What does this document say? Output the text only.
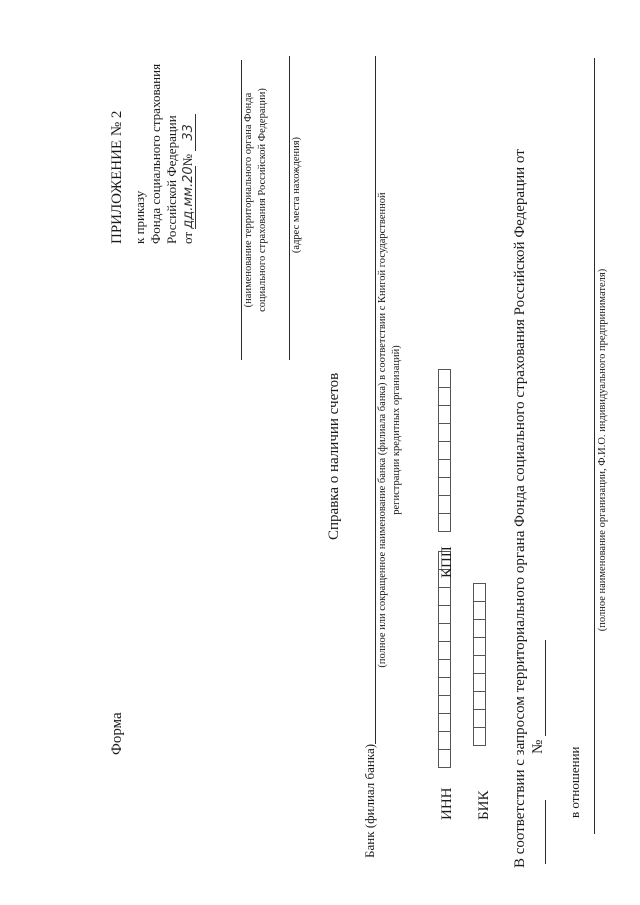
Форма
ПРИЛОЖЕНИЕ № 2 к приказу Фонда социального страхования Российской Федерации от дд.мм.20№ 33	(наименование территориального органа Фонда социального страхования Российской Федерации) (адрес места нахождения)
Справка о наличии счетов
Банк (филиал банка)
(полное или сокращенное наименование банка (филиала банка) в соответствии с Книгой государственной регистрации кредитных организаций)
ИНН
КПП
БИК В соответствии с запросом территориального органа Фонда социального страхования Российской Федерации от № в отношении
(полное наименование организации, Ф.И.О. индивидуального предпринимателя)
